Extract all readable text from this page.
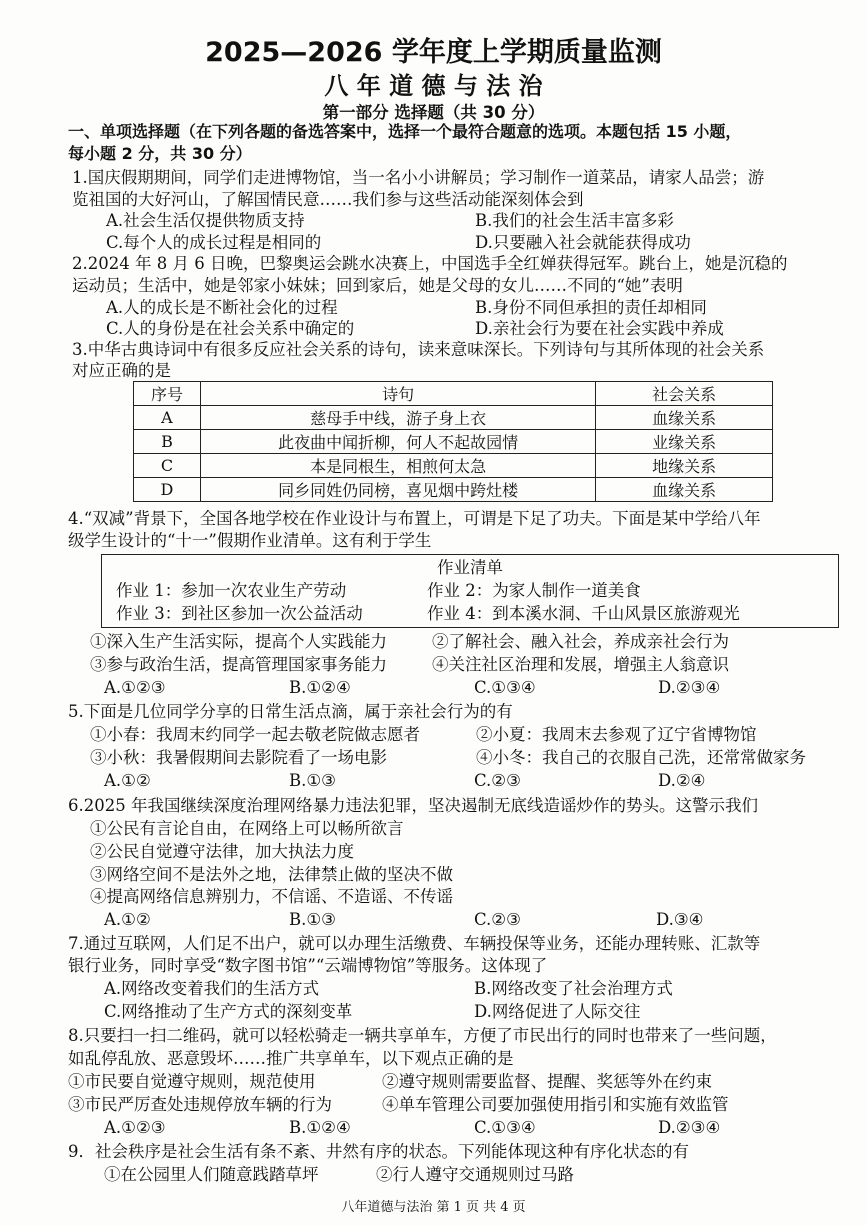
2025—2026 学年度上学期质量监测
八 年 道 德 与 法 治
第一部分 选择题（共 30 分）
一、单项选择题（在下列各题的备选答案中，选择一个最符合题意的选项。本题包括 15 小题，
每小题 2 分，共 30 分）
1.国庆假期期间，同学们走进博物馆，当一名小小讲解员；学习制作一道菜品，请家人品尝；游
览祖国的大好河山，了解国情民意……我们参与这些活动能深刻体会到
A.社会生活仅提供物质支持	B.我们的社会生活丰富多彩
C.每个人的成长过程是相同的	D.只要融入社会就能获得成功
2.2024 年 8 月 6 日晚，巴黎奥运会跳水决赛上，中国选手全红婵获得冠军。跳台上，她是沉稳的
运动员；生活中，她是邻家小妹妹；回到家后，她是父母的女儿……不同的“她”表明
A.人的成长是不断社会化的过程	B.身份不同但承担的责任却相同
C.人的身份是在社会关系中确定的	D.亲社会行为要在社会实践中养成
3.中华古典诗词中有很多反应社会关系的诗句，读来意味深长。下列诗句与其所体现的社会关系
对应正确的是
序号	诗句	社会关系
A	慈母手中线，游子身上衣	血缘关系
B	此夜曲中闻折柳，何人不起故园情	业缘关系
C	本是同根生，相煎何太急	地缘关系
D	同乡同姓仍同榜，喜见烟中跨灶楼	血缘关系
4.“双减”背景下，全国各地学校在作业设计与布置上，可谓是下足了功夫。下面是某中学给八年
级学生设计的“十一”假期作业清单。这有利于学生
作业清单
作业 1：参加一次农业生产劳动	作业 2：为家人制作一道美食
作业 3：到社区参加一次公益活动	作业 4：到本溪水洞、千山风景区旅游观光
①深入生产生活实际，提高个人实践能力	②了解社会、融入社会，养成亲社会行为
③参与政治生活，提高管理国家事务能力	④关注社区治理和发展，增强主人翁意识
A.①②③	B.①②④	C.①③④	D.②③④
5.下面是几位同学分享的日常生活点滴，属于亲社会行为的有
①小春：我周末约同学一起去敬老院做志愿者	②小夏：我周末去参观了辽宁省博物馆
③小秋：我暑假期间去影院看了一场电影	④小冬：我自己的衣服自己洗，还常常做家务
A.①②	B.①③	C.②③	D.②④
6.2025 年我国继续深度治理网络暴力违法犯罪，坚决遏制无底线造谣炒作的势头。这警示我们
①公民有言论自由，在网络上可以畅所欲言
②公民自觉遵守法律，加大执法力度
③网络空间不是法外之地，法律禁止做的坚决不做
④提高网络信息辨别力，不信谣、不造谣、不传谣
A.①②	B.①③	C.②③	D.③④
7.通过互联网，人们足不出户，就可以办理生活缴费、车辆投保等业务，还能办理转账、汇款等
银行业务，同时享受“数字图书馆”“云端博物馆”等服务。这体现了
A.网络改变着我们的生活方式	B.网络改变了社会治理方式
C.网络推动了生产方式的深刻变革	D.网络促进了人际交往
8.只要扫一扫二维码，就可以轻松骑走一辆共享单车，方便了市民出行的同时也带来了一些问题，
如乱停乱放、恶意毁坏……推广共享单车，以下观点正确的是
①市民要自觉遵守规则，规范使用	②遵守规则需要监督、提醒、奖惩等外在约束
③市民严厉查处违规停放车辆的行为	④单车管理公司要加强使用指引和实施有效监管
A.①②③	B.①②④	C.①③④	D.②③④
9．社会秩序是社会生活有条不紊、井然有序的状态。下列能体现这种有序化状态的有
①在公园里人们随意践踏草坪	②行人遵守交通规则过马路
八年道德与法治 第 1 页 共 4 页
